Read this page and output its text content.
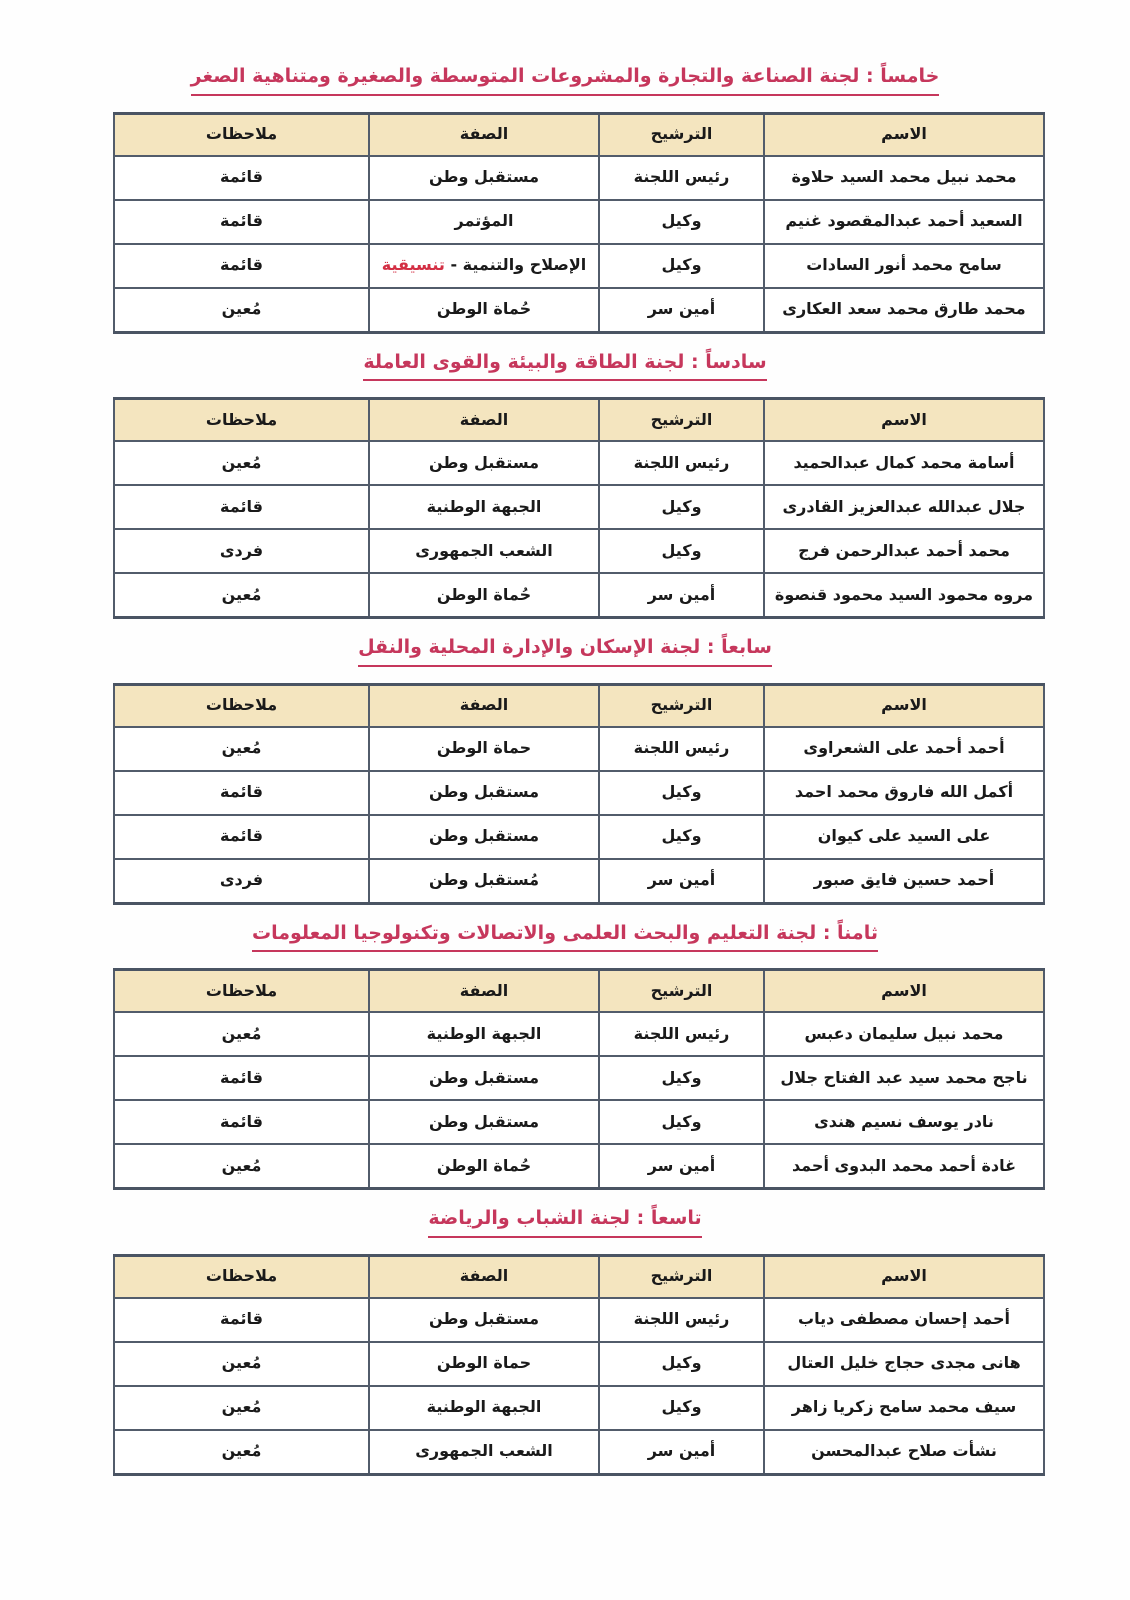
خامساً : لجنة الصناعة والتجارة والمشروعات المتوسطة والصغيرة ومتناهية الصغر
الاسم	الترشيح	الصفة	ملاحظات
محمد نبيل محمد السيد حلاوة	رئيس اللجنة	مستقبل وطن	قائمة
السعيد أحمد عبدالمقصود غنيم	وكيل	المؤتمر	قائمة
سامح محمد أنور السادات	وكيل	الإصلاح والتنمية - تنسيقية	قائمة
محمد طارق محمد سعد العكارى	أمين سر	حُماة الوطن	مُعين
سادساً : لجنة الطاقة والبيئة والقوى العاملة
الاسم	الترشيح	الصفة	ملاحظات
أسامة محمد كمال عبدالحميد	رئيس اللجنة	مستقبل وطن	مُعين
جلال عبدالله عبدالعزيز القادرى	وكيل	الجبهة الوطنية	قائمة
محمد أحمد عبدالرحمن فرج	وكيل	الشعب الجمهورى	فردى
مروه محمود السيد محمود قنصوة	أمين سر	حُماة الوطن	مُعين
سابعاً : لجنة الإسكان والإدارة المحلية والنقل
الاسم	الترشيح	الصفة	ملاحظات
أحمد أحمد على الشعراوى	رئيس اللجنة	حماة الوطن	مُعين
أكمل الله فاروق محمد احمد	وكيل	مستقبل وطن	قائمة
على السيد على كيوان	وكيل	مستقبل وطن	قائمة
أحمد حسين فايق صبور	أمين سر	مُستقبل وطن	فردى
ثامناً : لجنة التعليم والبحث العلمى والاتصالات وتكنولوجيا المعلومات
الاسم	الترشيح	الصفة	ملاحظات
محمد نبيل سليمان دعبس	رئيس اللجنة	الجبهة الوطنية	مُعين
ناجح محمد سيد عبد الفتاح جلال	وكيل	مستقبل وطن	قائمة
نادر يوسف نسيم هندى	وكيل	مستقبل وطن	قائمة
غادة أحمد محمد البدوى أحمد	أمين سر	حُماة الوطن	مُعين
تاسعاً : لجنة الشباب والرياضة
الاسم	الترشيح	الصفة	ملاحظات
أحمد إحسان مصطفى دياب	رئيس اللجنة	مستقبل وطن	قائمة
هانى مجدى حجاج خليل العتال	وكيل	حماة الوطن	مُعين
سيف محمد سامح زكريا زاهر	وكيل	الجبهة الوطنية	مُعين
نشأت صلاح عبدالمحسن	أمين سر	الشعب الجمهورى	مُعين
